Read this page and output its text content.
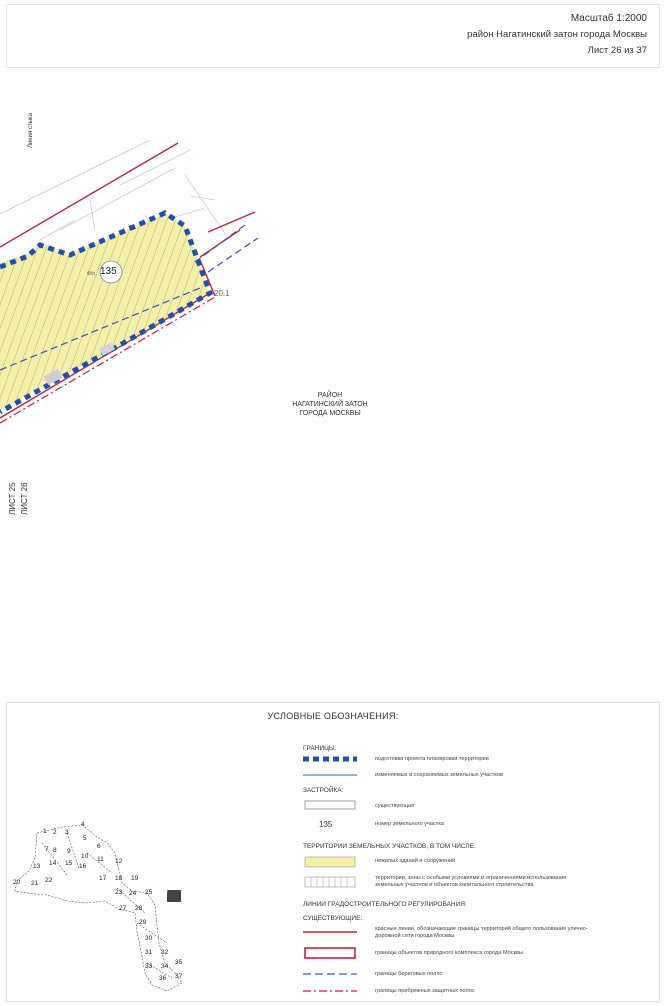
Масштаб 1:2000
район Нагатинский затон города Москвы
Лист 26 из 37
135
Ф/п
20.1
РАЙОН
НАГАТИНСКИЙ ЗАТОН
ГОРОДА МОСКВЫ
Линия стыка
ЛИСТ 25 ЛИСТ 26
УСЛОВНЫЕ ОБОЗНАЧЕНИЯ:
1 2 3
4
5
6
7 8 9
10 11 12
13 14 15 16
17 18 19
20 21 22
23 24 25 26
27 28
29
30
31 32
33 34
35
36 37
ГРАНИЦЫ:
подготовки проекта планировки территории
изменяемых и сохраняемых земельных участков
ЗАСТРОЙКА:
существующая
135	номер земельного участка
ТЕРРИТОРИИ ЗЕМЕЛЬНЫХ УЧАСТКОВ, В ТОМ ЧИСЛЕ:
нежилых зданий и сооружений
территории, зоны с особыми условиями и ограничениями использования земельных участков и объектов капитального строительства
ЛИНИИ ГРАДОСТРОИТЕЛЬНОГО РЕГУЛИРОВАНИЯ:
СУЩЕСТВУЮЩИЕ:
красные линии, обозначающие границы территорий общего пользования улично-дорожной сети города Москвы
границы объектов природного комплекса города Москвы
границы береговых полос
границы прибрежных защитных полос
